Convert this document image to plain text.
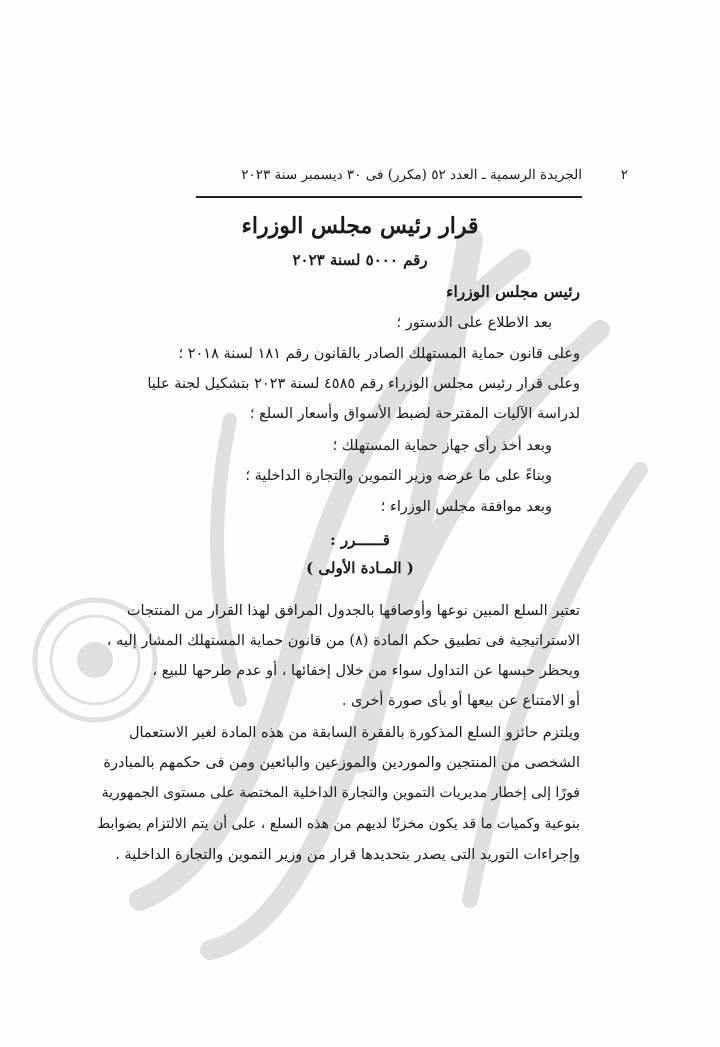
الجريدة الرسمية ـ العدد ٥٢ (مكرر) فى ٣٠ ديسمبر سنة ٢٠٢٣	٢
قرار رئيس مجلس الوزراء
رقم ٥٠٠٠ لسنة ٢٠٢٣
رئيس مجلس الوزراء
بعد الاطلاع على الدستور ؛
وعلى قانون حماية المستهلك الصادر بالقانون رقم ١٨١ لسنة ٢٠١٨ ؛
وعلى قرار رئيس مجلس الوزراء رقم ٤٥٨٥ لسنة ٢٠٢٣ بتشكيل لجنة عليا
لدراسة الآليات المقترحة لضبط الأسواق وأسعار السلع ؛
وبعد أخذ رأى جهاز حماية المستهلك ؛
وبناءً على ما عرضه وزير التموين والتجارة الداخلية ؛
وبعد موافقة مجلس الوزراء ؛
قــــــرر :
( المـادة الأولى )
تعتبر السلع المبين نوعها وأوصافها بالجدول المرافق لهذا القرار من المنتجات
الاستراتيجية فى تطبيق حكم المادة (٨) من قانون حماية المستهلك المشار إليه ،
ويحظر حبسها عن التداول سواء من خلال إخفائها ، أو عدم طرحها للبيع ،
أو الامتناع عن بيعها أو بأى صورة أخرى .
ويلتزم حائزو السلع المذكورة بالفقرة السابقة من هذه المادة لغير الاستعمال
الشخصى من المنتجين والموردين والموزعين والبائعين ومن فى حكمهم بالمبادرة
فورًا إلى إخطار مديريات التموين والتجارة الداخلية المختصة على مستوى الجمهورية
بنوعية وكميات ما قد يكون مخزنًا لديهم من هذه السلع ، على أن يتم الالتزام بضوابط
وإجراءات التوريد التى يصدر بتحديدها قرار من وزير التموين والتجارة الداخلية .
